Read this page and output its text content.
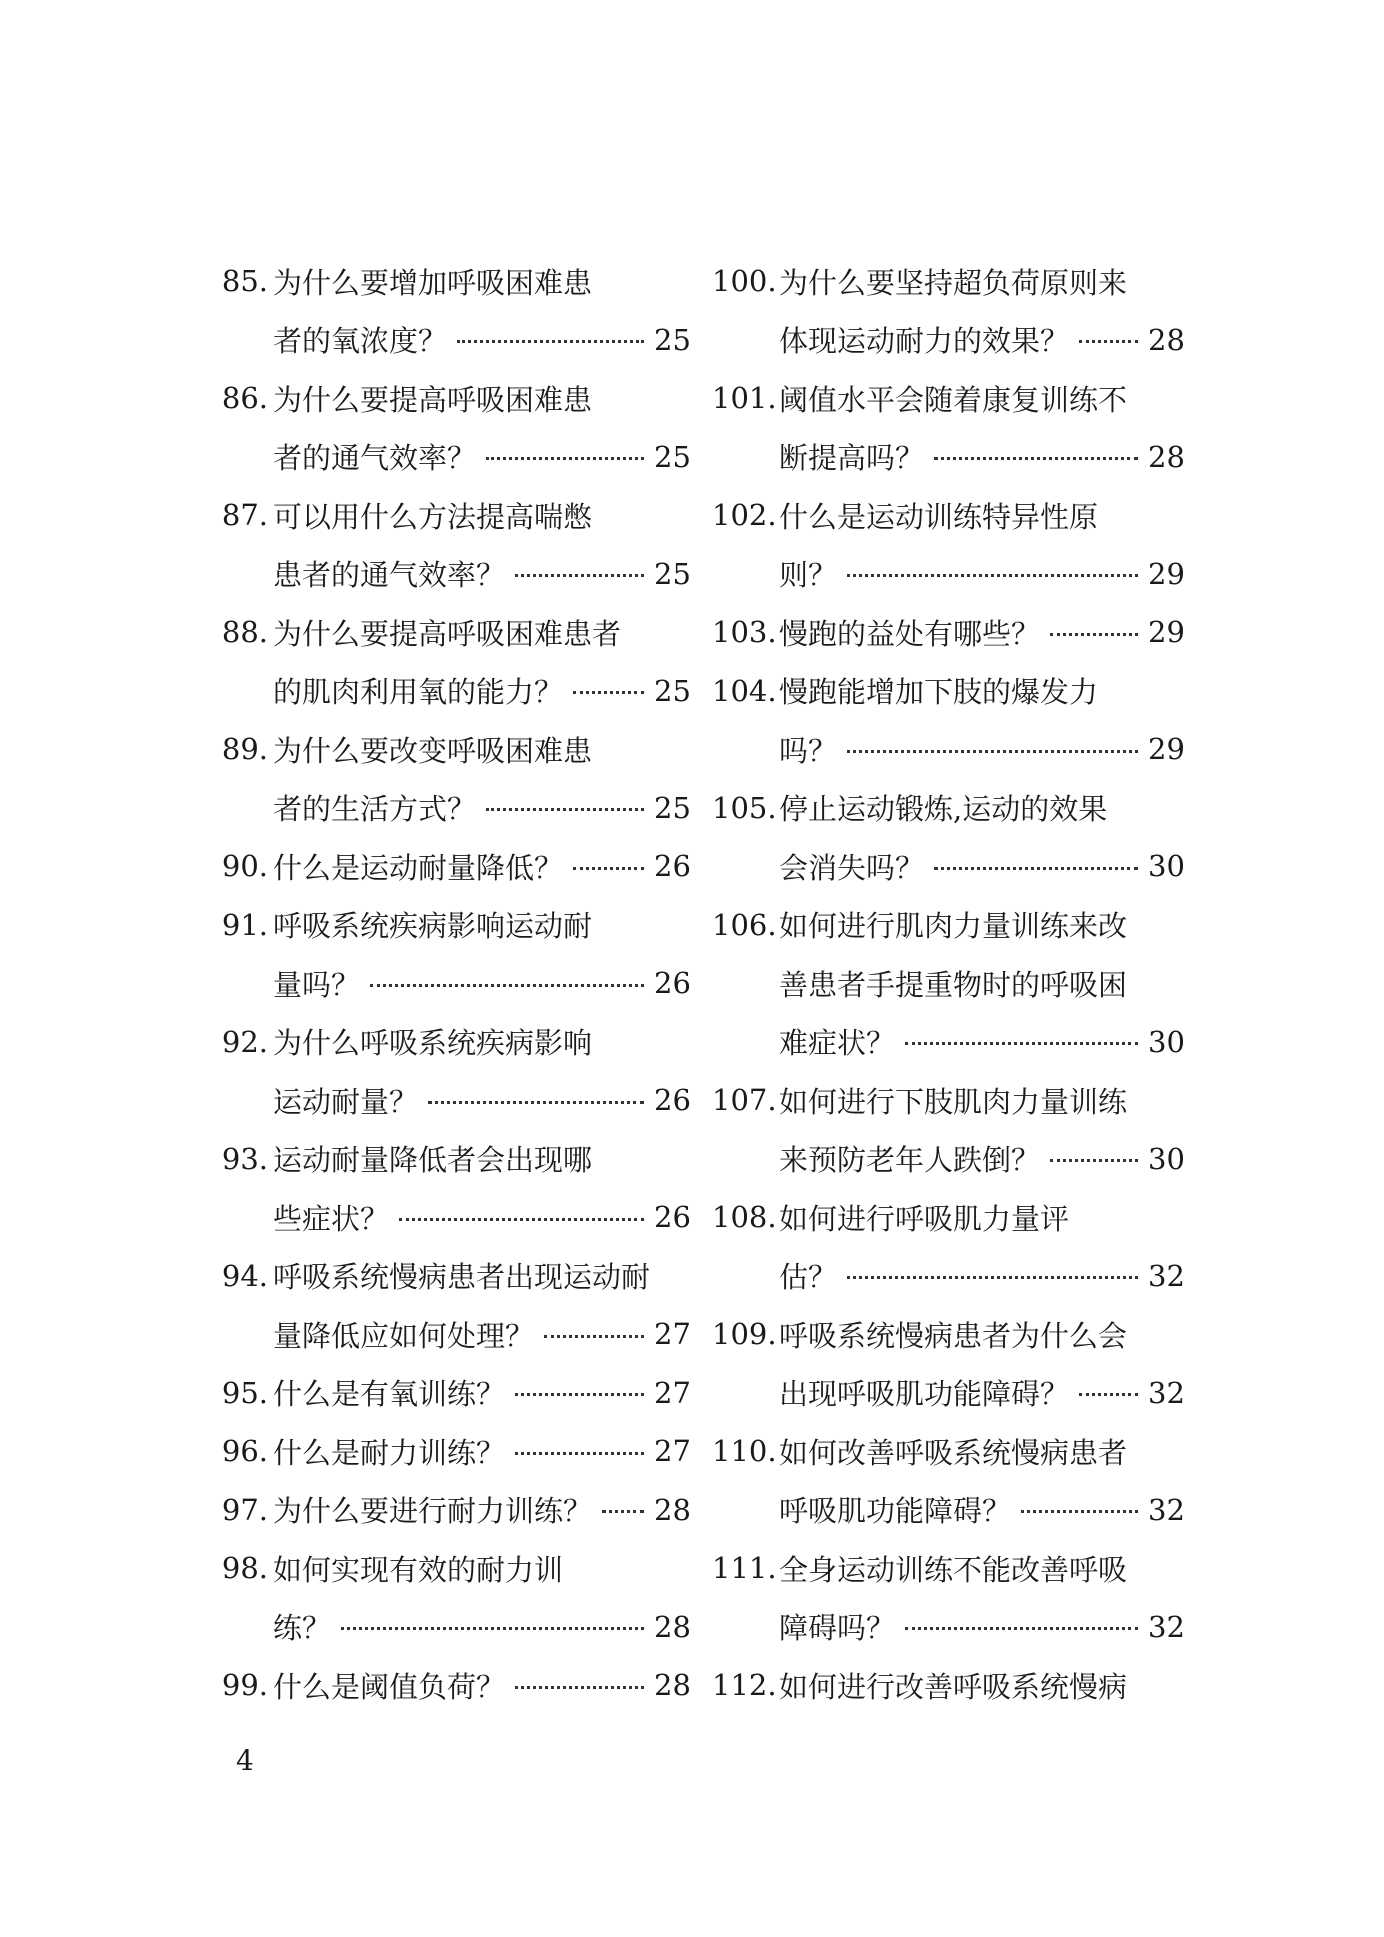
85. 为什么要增加呼吸困难患
者的氧浓度？	25
86. 为什么要提高呼吸困难患
者的通气效率？	25
87. 可以用什么方法提高喘憋
患者的通气效率？	25
88. 为什么要提高呼吸困难患者
的肌肉利用氧的能力？	25
89. 为什么要改变呼吸困难患
者的生活方式？	25
90. 什么是运动耐量降低？	26
91. 呼吸系统疾病影响运动耐
量吗？	26
92. 为什么呼吸系统疾病影响
运动耐量？	26
93. 运动耐量降低者会出现哪
些症状？	26
94. 呼吸系统慢病患者出现运动耐
量降低应如何处理？	27
95. 什么是有氧训练？	27
96. 什么是耐力训练？	27
97. 为什么要进行耐力训练？ 28
98. 如何实现有效的耐力训
练？	28
99. 什么是阈值负荷？	28
100. 为什么要坚持超负荷原则来
体现运动耐力的效果？	28
101. 阈值水平会随着康复训练不
断提高吗？	28
102. 什么是运动训练特异性原
则？	29
103. 慢跑的益处有哪些？	29
104. 慢跑能增加下肢的爆发力
吗？	29
105. 停止运动锻炼,运动的效果
会消失吗？	30
106. 如何进行肌肉力量训练来改
善患者手提重物时的呼吸困
难症状？	30
107. 如何进行下肢肌肉力量训练
来预防老年人跌倒？	30
108. 如何进行呼吸肌力量评
估？	32
109. 呼吸系统慢病患者为什么会
出现呼吸肌功能障碍？	32
110. 如何改善呼吸系统慢病患者
呼吸肌功能障碍？	32
111. 全身运动训练不能改善呼吸
障碍吗？	32
112. 如何进行改善呼吸系统慢病
4
